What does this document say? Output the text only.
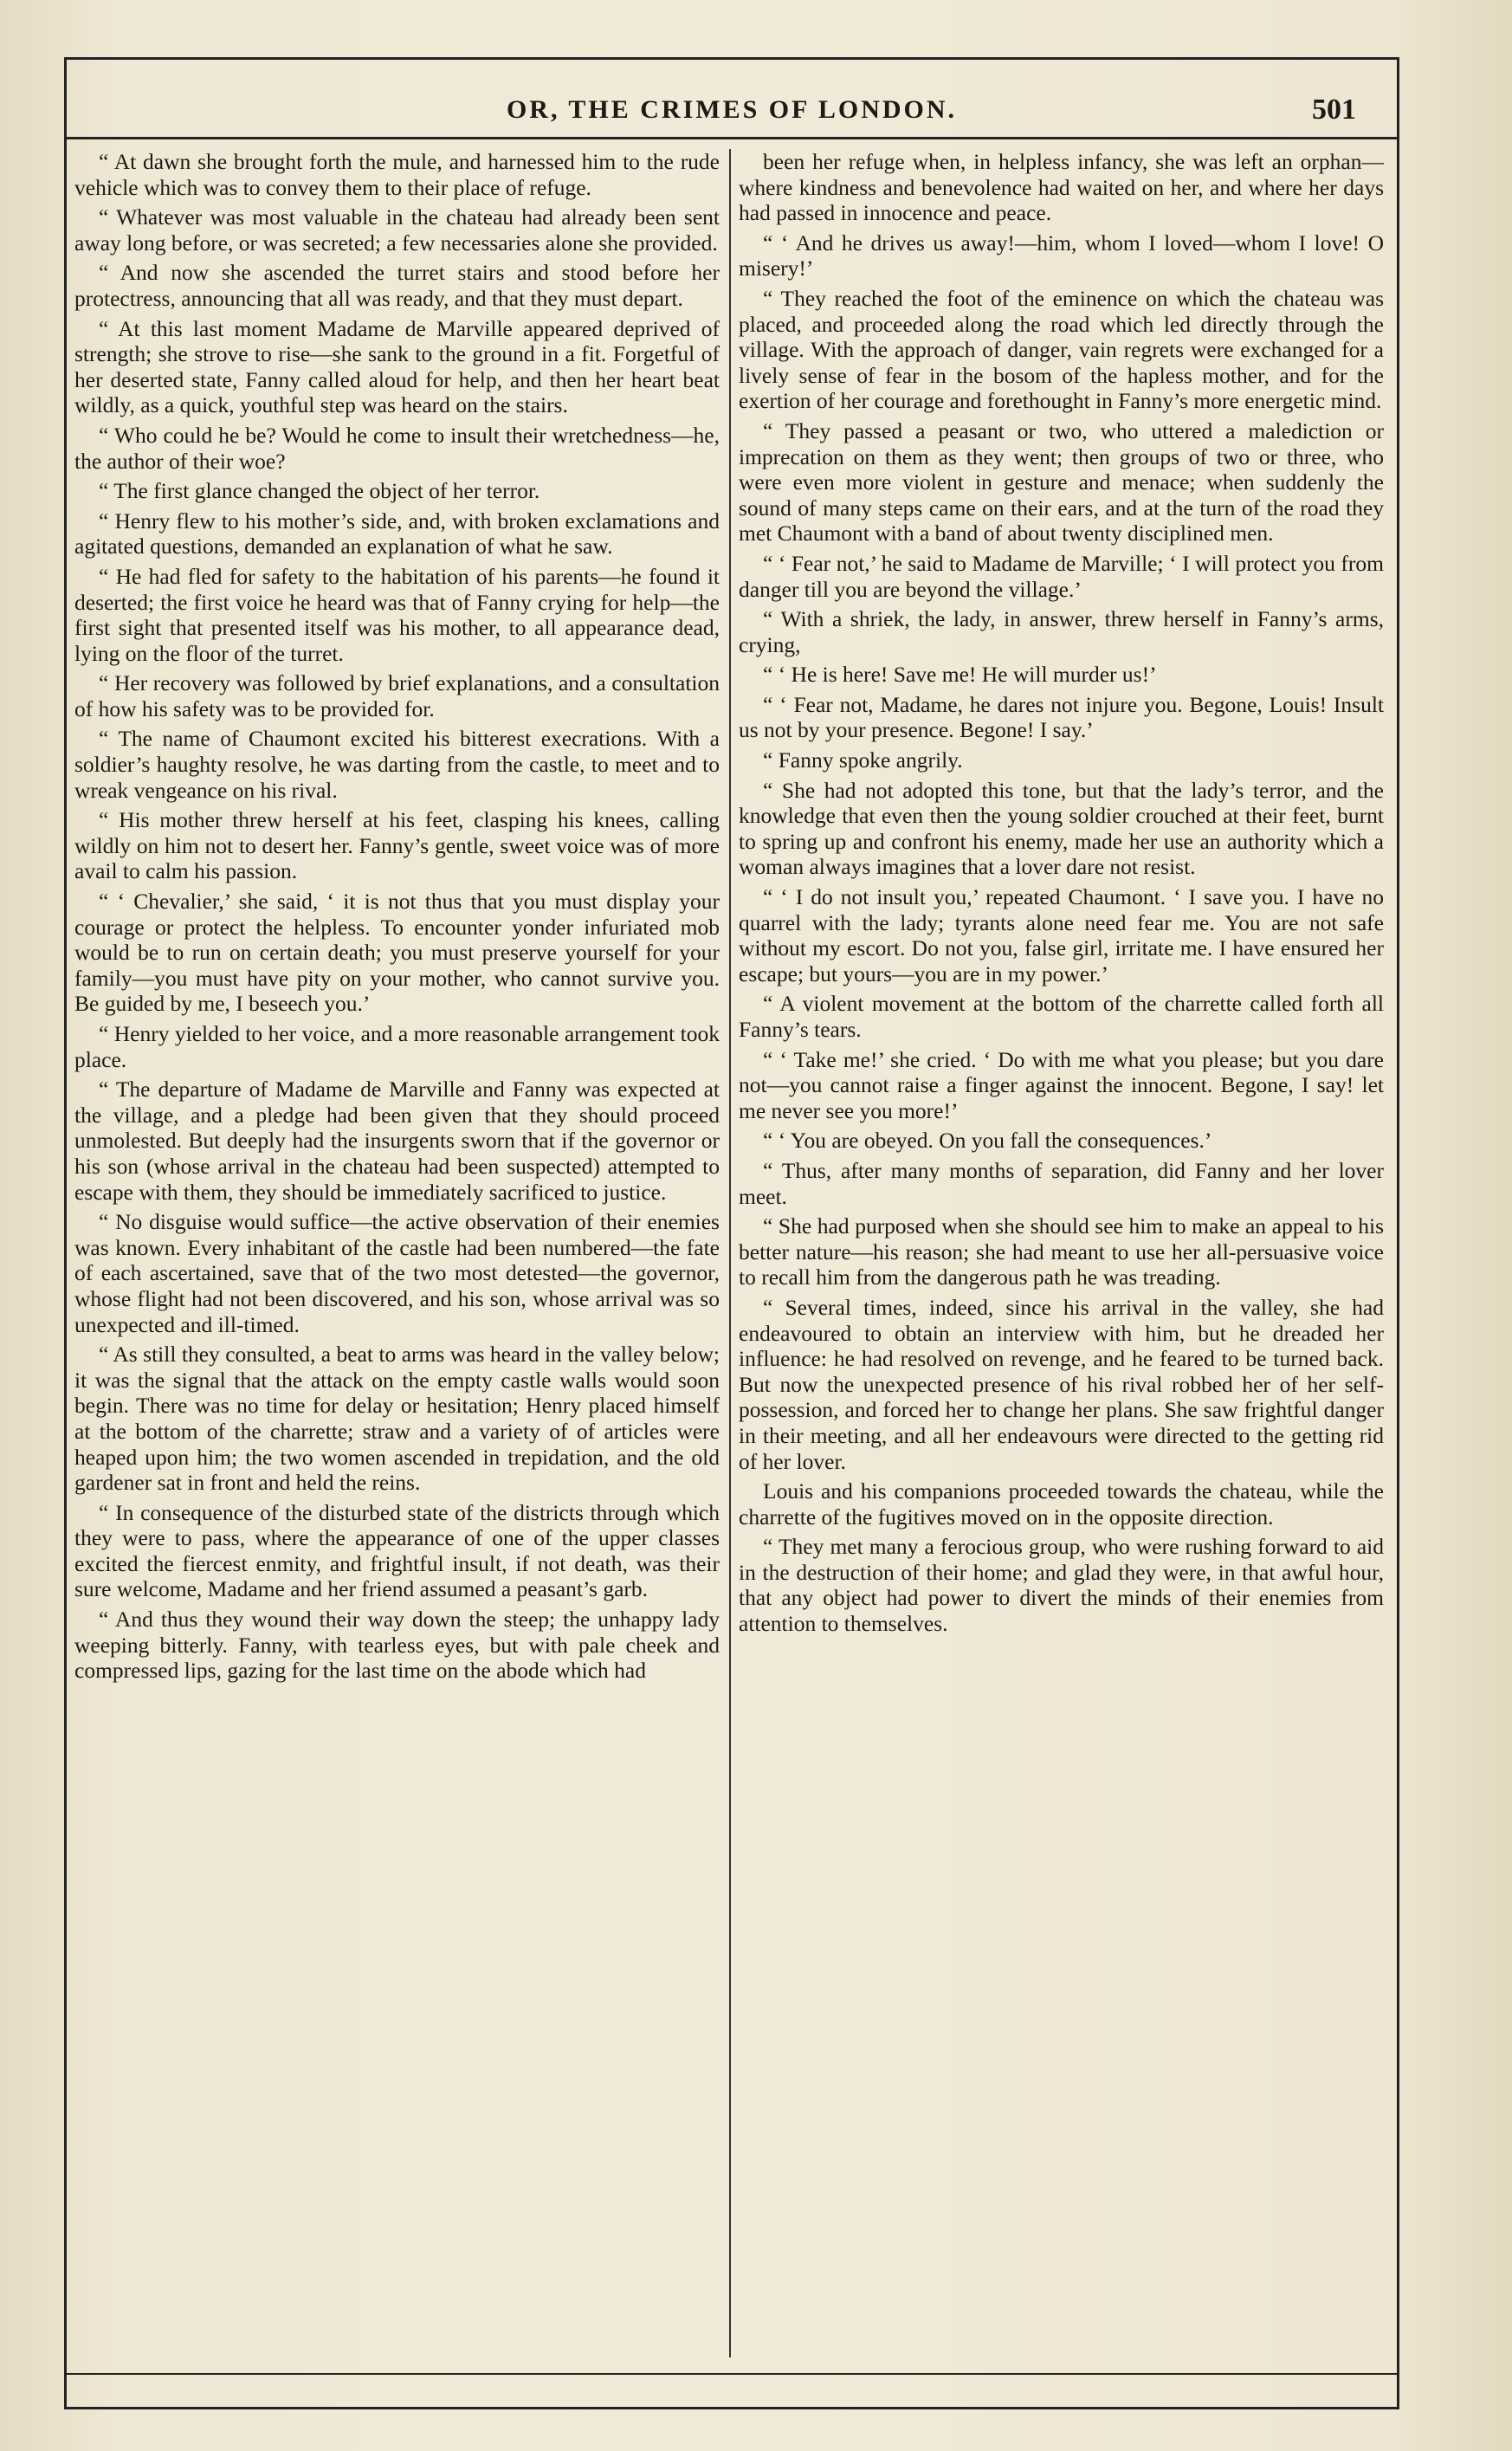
OR, THE CRIMES OF LONDON.	501

“ At dawn she brought forth the mule, and harnessed him to the rude vehicle which was to convey them to their place of refuge.

“ Whatever was most valuable in the chateau had already been sent away long before, or was secreted; a few necessaries alone she provided.

“ And now she ascended the turret stairs and stood before her protectress, announcing that all was ready, and that they must depart.

“ At this last moment Madame de Marville appeared deprived of strength; she strove to rise—she sank to the ground in a fit. Forgetful of her deserted state, Fanny called aloud for help, and then her heart beat wildly, as a quick, youthful step was heard on the stairs.

“ Who could he be? Would he come to insult their wretchedness—he, the author of their woe?

“ The first glance changed the object of her terror.

“ Henry flew to his mother’s side, and, with broken exclamations and agitated questions, demanded an explanation of what he saw.

“ He had fled for safety to the habitation of his parents—he found it deserted; the first voice he heard was that of Fanny crying for help—the first sight that presented itself was his mother, to all appearance dead, lying on the floor of the turret.

“ Her recovery was followed by brief explanations, and a consultation of how his safety was to be provided for.

“ The name of Chaumont excited his bitterest execrations. With a soldier’s haughty resolve, he was darting from the castle, to meet and to wreak vengeance on his rival.

“ His mother threw herself at his feet, clasping his knees, calling wildly on him not to desert her. Fanny’s gentle, sweet voice was of more avail to calm his passion.

“ ‘ Chevalier,’ she said, ‘ it is not thus that you must display your courage or protect the helpless. To encounter yonder infuriated mob would be to run on certain death; you must preserve yourself for your family—you must have pity on your mother, who cannot survive you. Be guided by me, I beseech you.’

“ Henry yielded to her voice, and a more reasonable arrangement took place.

“ The departure of Madame de Marville and Fanny was expected at the village, and a pledge had been given that they should proceed unmolested. But deeply had the insurgents sworn that if the governor or his son (whose arrival in the chateau had been suspected) attempted to escape with them, they should be immediately sacrificed to justice.

“ No disguise would suffice—the active observation of their enemies was known. Every inhabitant of the castle had been numbered—the fate of each ascertained, save that of the two most detested—the governor, whose flight had not been discovered, and his son, whose arrival was so unexpected and ill-timed.

“ As still they consulted, a beat to arms was heard in the valley below; it was the signal that the attack on the empty castle walls would soon begin. There was no time for delay or hesitation; Henry placed himself at the bottom of the charrette; straw and a variety of of articles were heaped upon him; the two women ascended in trepidation, and the old gardener sat in front and held the reins.

“ In consequence of the disturbed state of the districts through which they were to pass, where the appearance of one of the upper classes excited the fiercest enmity, and frightful insult, if not death, was their sure welcome, Madame and her friend assumed a peasant’s garb.

“ And thus they wound their way down the steep; the unhappy lady weeping bitterly. Fanny, with tearless eyes, but with pale cheek and compressed lips, gazing for the last time on the abode which had

been her refuge when, in helpless infancy, she was left an orphan—where kindness and benevolence had waited on her, and where her days had passed in innocence and peace.

“ ‘ And he drives us away!—him, whom I loved—whom I love! O misery!’

“ They reached the foot of the eminence on which the chateau was placed, and proceeded along the road which led directly through the village. With the approach of danger, vain regrets were exchanged for a lively sense of fear in the bosom of the hapless mother, and for the exertion of her courage and forethought in Fanny’s more energetic mind.

“ They passed a peasant or two, who uttered a malediction or imprecation on them as they went; then groups of two or three, who were even more violent in gesture and menace; when suddenly the sound of many steps came on their ears, and at the turn of the road they met Chaumont with a band of about twenty disciplined men.

“ ‘ Fear not,’ he said to Madame de Marville; ‘ I will protect you from danger till you are beyond the village.’

“ With a shriek, the lady, in answer, threw herself in Fanny’s arms, crying,

“ ‘ He is here! Save me! He will murder us!’

“ ‘ Fear not, Madame, he dares not injure you. Begone, Louis! Insult us not by your presence. Begone! I say.’

“ Fanny spoke angrily.

“ She had not adopted this tone, but that the lady’s terror, and the knowledge that even then the young soldier crouched at their feet, burnt to spring up and confront his enemy, made her use an authority which a woman always imagines that a lover dare not resist.

“ ‘ I do not insult you,’ repeated Chaumont. ‘ I save you. I have no quarrel with the lady; tyrants alone need fear me. You are not safe without my escort. Do not you, false girl, irritate me. I have ensured her escape; but yours—you are in my power.’

“ A violent movement at the bottom of the charrette called forth all Fanny’s tears.

“ ‘ Take me!’ she cried. ‘ Do with me what you please; but you dare not—you cannot raise a finger against the innocent. Begone, I say! let me never see you more!’

“ ‘ You are obeyed. On you fall the consequences.’

“ Thus, after many months of separation, did Fanny and her lover meet.

“ She had purposed when she should see him to make an appeal to his better nature—his reason; she had meant to use her all-persuasive voice to recall him from the dangerous path he was treading.

“ Several times, indeed, since his arrival in the valley, she had endeavoured to obtain an interview with him, but he dreaded her influence: he had resolved on revenge, and he feared to be turned back. But now the unexpected presence of his rival robbed her of her self-possession, and forced her to change her plans. She saw frightful danger in their meeting, and all her endeavours were directed to the getting rid of her lover.

Louis and his companions proceeded towards the chateau, while the charrette of the fugitives moved on in the opposite direction.

“ They met many a ferocious group, who were rushing forward to aid in the destruction of their home; and glad they were, in that awful hour, that any object had power to divert the minds of their enemies from attention to themselves.
